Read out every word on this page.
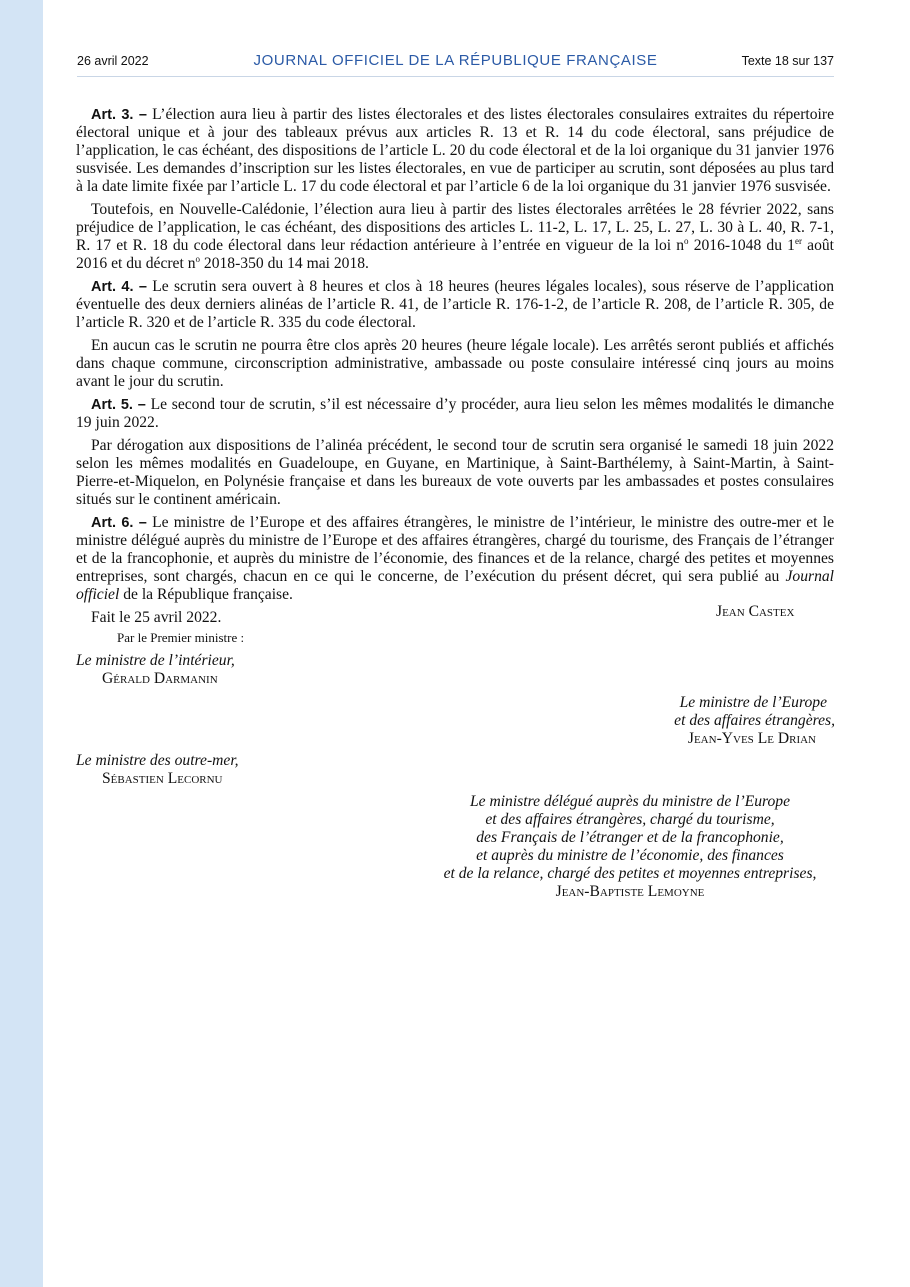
26 avril 2022	JOURNAL OFFICIEL DE LA RÉPUBLIQUE FRANÇAISE	Texte 18 sur 137

Art. 3. – L’élection aura lieu à partir des listes électorales et des listes électorales consulaires extraites du répertoire électoral unique et à jour des tableaux prévus aux articles R. 13 et R. 14 du code électoral, sans préjudice de l’application, le cas échéant, des dispositions de l’article L. 20 du code électoral et de la loi organique du 31 janvier 1976 susvisée. Les demandes d’inscription sur les listes électorales, en vue de participer au scrutin, sont déposées au plus tard à la date limite fixée par l’article L. 17 du code électoral et par l’article 6 de la loi organique du 31 janvier 1976 susvisée.

Toutefois, en Nouvelle-Calédonie, l’élection aura lieu à partir des listes électorales arrêtées le 28 février 2022, sans préjudice de l’application, le cas échéant, des dispositions des articles L. 11-2, L. 17, L. 25, L. 27, L. 30 à L. 40, R. 7-1, R. 17 et R. 18 du code électoral dans leur rédaction antérieure à l’entrée en vigueur de la loi $n^o$ 2016-1048 du 1er août 2016 et du décret $n^o$ 2018-350 du 14 mai 2018.

Art. 4. – Le scrutin sera ouvert à 8 heures et clos à 18 heures (heures légales locales), sous réserve de l’application éventuelle des deux derniers alinéas de l’article R. 41, de l’article R. 176-1-2, de l’article R. 208, de l’article R. 305, de l’article R. 320 et de l’article R. 335 du code électoral.

En aucun cas le scrutin ne pourra être clos après 20 heures (heure légale locale). Les arrêtés seront publiés et affichés dans chaque commune, circonscription administrative, ambassade ou poste consulaire intéressé cinq jours au moins avant le jour du scrutin.

Art. 5. – Le second tour de scrutin, s’il est nécessaire d’y procéder, aura lieu selon les mêmes modalités le dimanche 19 juin 2022.

Par dérogation aux dispositions de l’alinéa précédent, le second tour de scrutin sera organisé le samedi 18 juin 2022 selon les mêmes modalités en Guadeloupe, en Guyane, en Martinique, à Saint-Barthélemy, à Saint-Martin, à Saint-Pierre-et-Miquelon, en Polynésie française et dans les bureaux de vote ouverts par les ambassades et postes consulaires situés sur le continent américain.

Art. 6. – Le ministre de l’Europe et des affaires étrangères, le ministre de l’intérieur, le ministre des outre-mer et le ministre délégué auprès du ministre de l’Europe et des affaires étrangères, chargé du tourisme, des Français de l’étranger et de la francophonie, et auprès du ministre de l’économie, des finances et de la relance, chargé des petites et moyennes entreprises, sont chargés, chacun en ce qui le concerne, de l’exécution du présent décret, qui sera publié au Journal officiel de la République française.

Fait le 25 avril 2022.	Jean Castex
Par le Premier ministre :
Le ministre de l’intérieur,
Gérald Darmanin
Le ministre de l’Europe
et des affaires étrangères,
Jean-Yves Le Drian
Le ministre des outre-mer,
Sébastien Lecornu
Le ministre délégué auprès du ministre de l’Europe
et des affaires étrangères, chargé du tourisme,
des Français de l’étranger et de la francophonie,
et auprès du ministre de l’économie, des finances
et de la relance, chargé des petites et moyennes entreprises,
Jean-Baptiste Lemoyne
